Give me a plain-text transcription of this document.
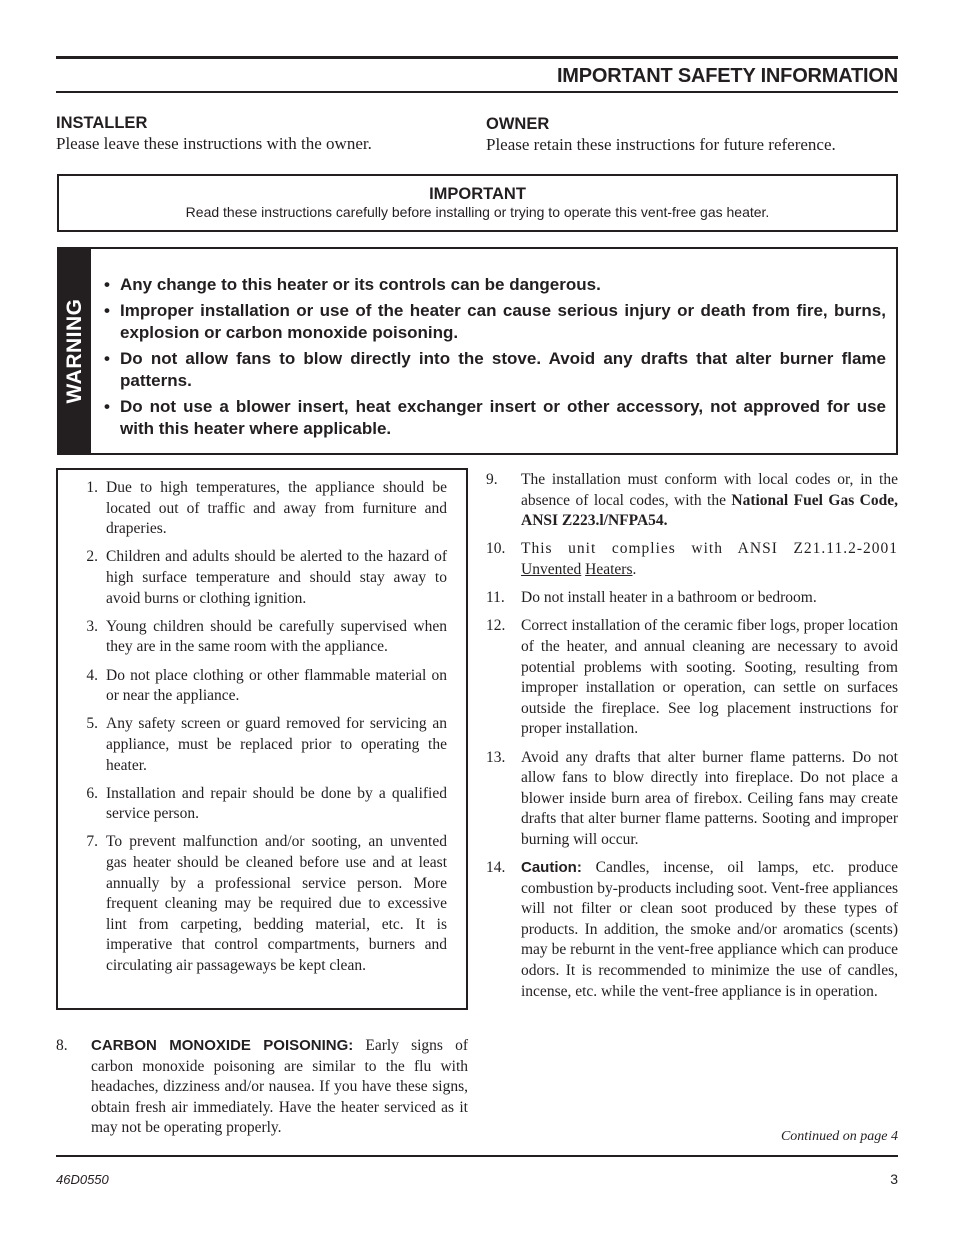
IMPORTANT SAFETY INFORMATION
INSTALLER
Please leave these instructions with the owner.
OWNER
Please retain these instructions for future reference.
IMPORTANT
Read these instructions carefully before installing or trying to operate this vent-free gas heater.
WARNING
• Any change to this heater or its controls can be dangerous.
• Improper installation or use of the heater can cause serious injury or death from fire, burns, explosion or carbon monoxide poisoning.
• Do not allow fans to blow directly into the stove. Avoid any drafts that alter burner flame patterns.
• Do not use a blower insert, heat exchanger insert or other accessory, not approved for use with this heater where applicable.
1. Due to high temperatures, the appliance should be located out of traffic and away from furniture and draperies.
2. Children and adults should be alerted to the hazard of high surface temperature and should stay away to avoid burns or clothing ignition.
3. Young children should be carefully supervised when they are in the same room with the appliance.
4. Do not place clothing or other flammable material on or near the appliance.
5. Any safety screen or guard removed for servicing an appliance, must be replaced prior to operating the heater.
6. Installation and repair should be done by a qualified service person.
7. To prevent malfunction and/or sooting, an unvented gas heater should be cleaned before use and at least annually by a professional service person. More frequent cleaning may be required due to excessive lint from carpeting, bedding material, etc. It is imperative that control compartments, burners and circulating air passageways be kept clean.
8. CARBON MONOXIDE POISONING: Early signs of carbon monoxide poisoning are similar to the flu with headaches, dizziness and/or nausea. If you have these signs, obtain fresh air immediately. Have the heater serviced as it may not be operating properly.
9. The installation must conform with local codes or, in the absence of local codes, with the National Fuel Gas Code, ANSI Z223.l/NFPA54.
10. This unit complies with ANSI Z21.11.2-2001 Unvented Heaters.
11. Do not install heater in a bathroom or bedroom.
12. Correct installation of the ceramic fiber logs, proper location of the heater, and annual cleaning are necessary to avoid potential problems with sooting. Sooting, resulting from improper installation or operation, can settle on surfaces outside the fireplace. See log placement instructions for proper installation.
13. Avoid any drafts that alter burner flame patterns. Do not allow fans to blow directly into fireplace. Do not place a blower inside burn area of firebox. Ceiling fans may create drafts that alter burner flame patterns. Sooting and improper burning will occur.
14. Caution: Candles, incense, oil lamps, etc. produce combustion by-products including soot. Vent-free appliances will not filter or clean soot produced by these types of products. In addition, the smoke and/or aromatics (scents) may be reburnt in the vent-free appliance which can produce odors. It is recommended to minimize the use of candles, incense, etc. while the vent-free appliance is in operation.
Continued on page 4
46D0550	3
